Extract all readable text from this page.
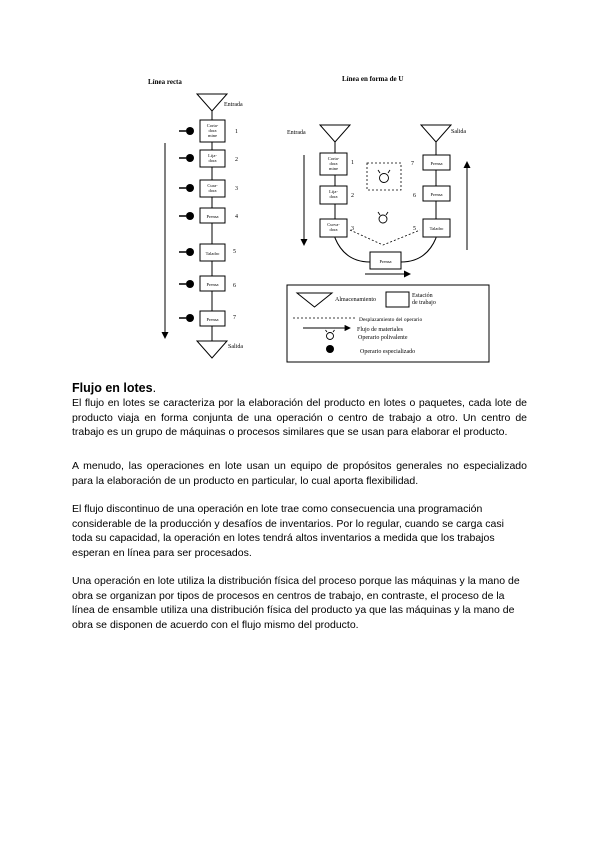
Línea recta	Línea en forma de U
Entrada
Corta-dora mine
1
Lija-dora	2
Cura-dora	3
Prensa	4
Taladro 5
Prensa 6
Prensa 7
Salida
Entrada	Salida
Corta-dora mine
1
Lija-dora 2
Curva-dora	3
Prensa
Taladro
5
Prensa
6
Prensa
7
Almacenamiento
Estación de trabajo
Desplazamiento del operario
Flujo de materiales
Operario polivalente
Operario especializado
Flujo en lotes.

El flujo en lotes se caracteriza por la elaboración del producto en lotes o paquetes, cada lote de producto viaja en forma conjunta de una operación o centro de trabajo a otro. Un centro de trabajo es un grupo de máquinas o procesos similares que se usan para elaborar el producto.

A menudo, las operaciones en lote usan un equipo de propósitos generales no especializado para la elaboración de un producto en particular, lo cual aporta flexibilidad.

El flujo discontinuo de una operación en lote trae como consecuencia una programación considerable de la producción y desafíos de inventarios. Por lo regular, cuando se carga casi toda su capacidad, la operación en lotes tendrá altos inventarios a medida que los trabajos esperan en línea para ser procesados.

Una operación en lote utiliza la distribución física del proceso porque las máquinas y la mano de obra se organizan por tipos de procesos en centros de trabajo, en contraste, el proceso de la línea de ensamble utiliza una distribución física del producto ya que las máquinas y la mano de obra se disponen de acuerdo con el flujo mismo del producto.
